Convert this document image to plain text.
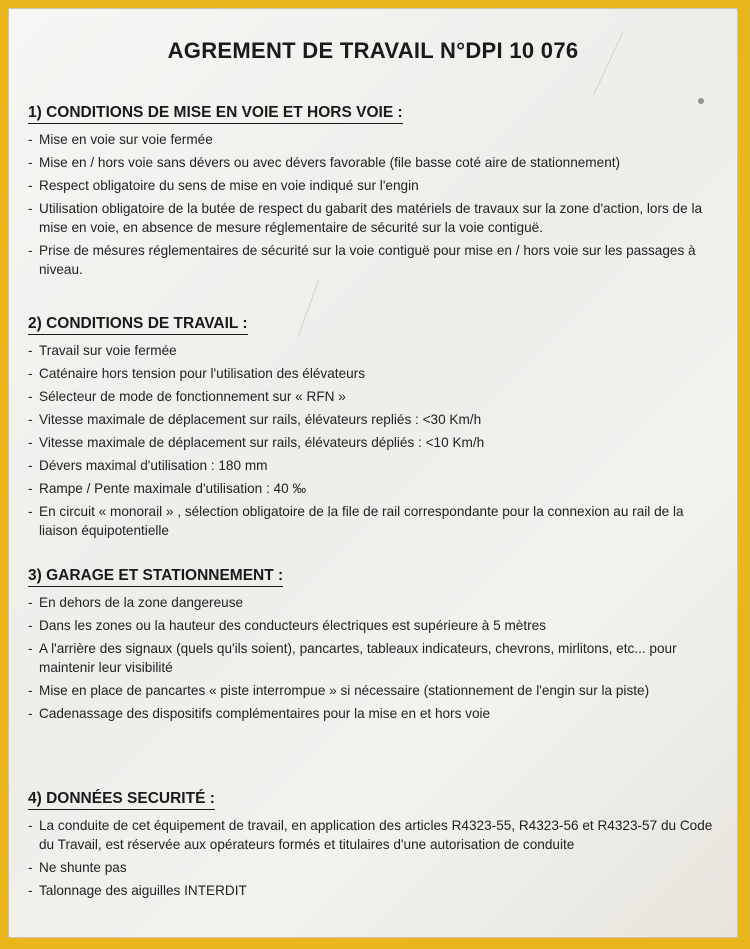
AGREMENT DE TRAVAIL N°DPI 10 076
1) CONDITIONS DE MISE EN VOIE ET HORS VOIE :
- Mise en voie sur voie fermée
- Mise en / hors voie sans dévers ou avec dévers favorable (file basse coté aire de stationnement)
- Respect obligatoire du sens de mise en voie indiqué sur l'engin
- Utilisation obligatoire de la butée de respect du gabarit des matériels de travaux sur la zone d'action, lors de la mise en voie, en absence de mesure réglementaire de sécurité sur la voie contiguë.
- Prise de mésures réglementaires de sécurité sur la voie contiguë pour mise en / hors voie sur les passages à niveau.
2) CONDITIONS DE TRAVAIL :
- Travail sur voie fermée
- Caténaire hors tension pour l'utilisation des élévateurs
- Sélecteur de mode de fonctionnement sur « RFN »
- Vitesse maximale de déplacement sur rails, élévateurs repliés : <30 Km/h
- Vitesse maximale de déplacement sur rails, élévateurs dépliés : <10 Km/h
- Dévers maximal d'utilisation : 180 mm
- Rampe / Pente maximale d'utilisation : 40 ‰
- En circuit « monorail » , sélection obligatoire de la file de rail correspondante pour la connexion au rail de la liaison équipotentielle
3) GARAGE ET STATIONNEMENT :
- En dehors de la zone dangereuse
- Dans les zones ou la hauteur des conducteurs électriques est supérieure à 5 mètres
- A l'arrière des signaux (quels qu'ils soient), pancartes, tableaux indicateurs, chevrons, mirlitons, etc... pour maintenir leur visibilité
- Mise en place de pancartes « piste interrompue » si nécessaire (stationnement de l'engin sur la piste)
- Cadenassage des dispositifs complémentaires pour la mise en et hors voie
4) DONNÉES SECURITÉ :
- La conduite de cet équipement de travail, en application des articles R4323-55, R4323-56 et R4323-57 du Code du Travail, est réservée aux opérateurs formés et titulaires d'une autorisation de conduite
- Ne shunte pas
- Talonnage des aiguilles INTERDIT
